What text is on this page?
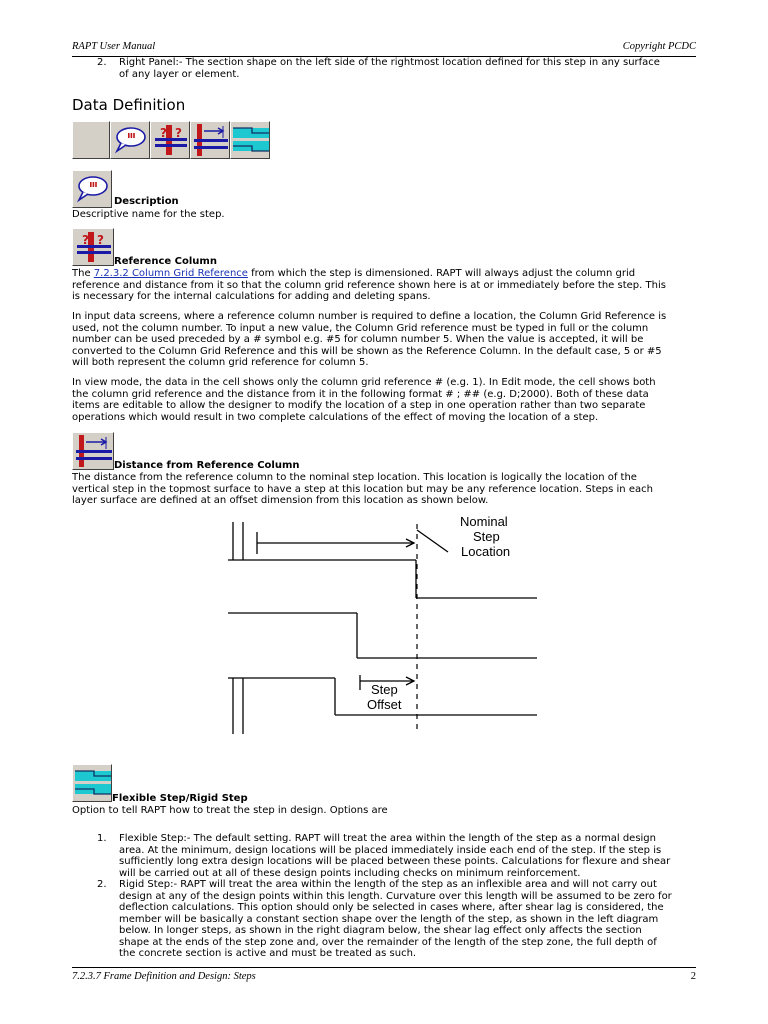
RAPT User Manual	Copyright PCDC
2. Right Panel:- The section shape on the left side of the rightmost location defined for this step in any surface

of any layer or element.

Data Definition
? ?
Description
Descriptive name for the step.
? ?
Reference Column

The 7.2.3.2 Column Grid Reference from which the step is dimensioned. RAPT will always adjust the column grid

reference and distance from it so that the column grid reference shown here is at or immediately before the step. This

is necessary for the internal calculations for adding and deleting spans.

In input data screens, where a reference column number is required to define a location, the Column Grid Reference is

used, not the column number. To input a new value, the Column Grid reference must be typed in full or the column

number can be used preceded by a # symbol e.g. #5 for column number 5. When the value is accepted, it will be

converted to the Column Grid Reference and this will be shown as the Reference Column. In the default case, 5 or #5

will both represent the column grid reference for column 5.

In view mode, the data in the cell shows only the column grid reference # (e.g. 1). In Edit mode, the cell shows both

the column grid reference and the distance from it in the following format # ; ## (e.g. D;2000). Both of these data

items are editable to allow the designer to modify the location of a step in one operation rather than two separate

operations which would result in two complete calculations of the effect of moving the location of a step.

Distance from Reference Column

The distance from the reference column to the nominal step location. This location is logically the location of the

vertical step in the topmost surface to have a step at this location but may be any reference location. Steps in each

layer surface are defined at an offset dimension from this location as shown below.

Nominal
Step
Location
Step
Offset
Flexible Step/Rigid Step
Option to tell RAPT how to treat the step in design. Options are
1. Flexible Step:- The default setting. RAPT will treat the area within the length of the step as a normal design

area. At the minimum, design locations will be placed immediately inside each end of the step. If the step is

sufficiently long extra design locations will be placed between these points. Calculations for flexure and shear

will be carried out at all of these design points including checks on minimum reinforcement.

2. Rigid Step:- RAPT will treat the area within the length of the step as an inflexible area and will not carry out

design at any of the design points within this length. Curvature over this length will be assumed to be zero for

deflection calculations. This option should only be selected in cases where, after shear lag is considered, the

member will be basically a constant section shape over the length of the step, as shown in the left diagram

below. In longer steps, as shown in the right diagram below, the shear lag effect only affects the section

shape at the ends of the step zone and, over the remainder of the length of the step zone, the full depth of

the concrete section is active and must be treated as such.

7.2.3.7 Frame Definition and Design: Steps	2
